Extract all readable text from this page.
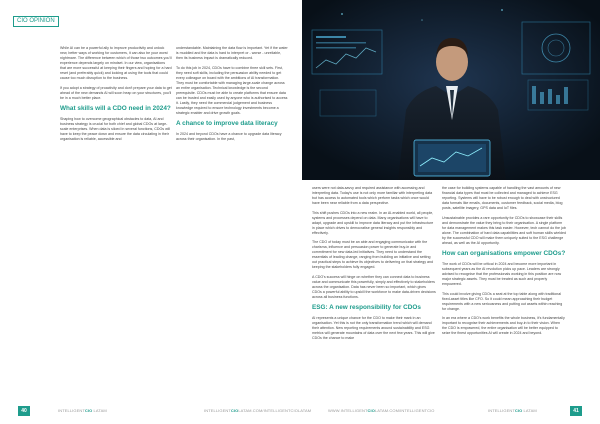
CIO OPINION

While AI can be a powerful ally to improve productivity and unlock new, better ways of working for customers, it can also be your worst nightmare. The difference between which of those two outcomes you'll experience depends largely on mindset. In our view, organisations that are more successful at keeping their fingers and hoping for a hard reset (and preferably quick) and looking at using the tools that could cause too much disruption to the business.

If you adopt a strategy of proactivity and don't prepare your data to get ahead of the new demands AI will soon heap on your structures, you'll be in a much better place.

What skills will a CDO need in 2024?

Shaping how to overcome geographical obstacles to data, AI and business strategy is crucial for both chief and global CDOs at large-scale enterprises. When data is siloed in several functions, CDOs will have to keep the peace down and ensure the data circulating in their organisation is reliable, accessible and

understandable. Maintaining the data flow is important. Yet if the water is muddied and the data is hard to interpret or - worse - unreliable, then its business impact is dramatically reduced.

To do this job in 2024, CDOs have to combine three skill sets. First, they need soft skills, including the persuasion ability needed to get every colleague on board with the ambitions of AI transformation. They must be comfortable with managing large-scale change across an entire organisation. Technical knowledge is the second prerequisite. CDOs must be able to create platforms that ensure data can be trusted and easily used by anyone who is authorised to access it. Lastly, they need the commercial judgement and business knowledge required to ensure technology investments become a strategic enabler and drive growth goals.

A chance to improve data literacy

In 2024 and beyond CDOs have a chance to upgrade data literacy across their organisation. In the past,

users were not data-savvy and required assistance with accessing and interpreting data. Today's use is not only more familiar with interpreting data but has access to automated tools which perform tasks which once would have been near reliable from a data perspective.

This shift pushes CDOs into a new realm. In an AI-enabled world, all people, systems and processes depend on data. Many organisations will have to adapt, upgrade and upskill to improve data literacy and put the infrastructure in place which drives to democratise general insights responsibly and effectively.

The CDO of today must be an able and engaging communicator with the charisma, influence and persuasion power to generate buy-in and commitment for new data-led initiatives. They need to understand the essentials of leading change, ranging from building an initiative and setting out practical steps to achieve its objectives to delivering on that strategy and keeping the stakeholders fully engaged.

A CDO's success will hinge on whether they can connect data to business value and communicate this powerfully, simply and effectively to stakeholders across the organisation. Data has never been so important, which gives CDOs a powerful ability to upskill the workforce to make data-driven decisions across all business functions.

ESG: A new responsibility for CDOs

AI represents a unique chance for the CDO to make their mark in an organisation. Yet this is not the only transformation trend which will demand their attention. New reporting requirements around sustainability and ESG metrics will generate mountains of data over the next few years. This will give CDOs the chance to make

the case for building systems capable of handling the vast amounts of new financial data types that must be collected and managed to achieve ESG reporting. Systems will have to be robust enough to deal with unstructured data formats like emails, documents, customer feedback, social media, blog posts, satellite imagery, GPS data and IoT files.

Unsustainable provides a rare opportunity for CDOs to showcase their skills and demonstrate the value they bring to their organisation. A single platform for data management makes this task easier. However, tech cannot do the job alone. The combination of hard data capabilities and soft human skills wielded by the successful CDO will make them uniquely suited to the ESG challenge ahead, as well as the AI opportunity.

How can organisations empower CDOs?

The work of CDOs will be critical in 2024 and become more important in subsequent years as the AI revolution picks up pace. Leaders are strongly advised to recognise that the professionals working in this position are now major strategic assets. They must be treated as such and properly empowered.

This could involve giving CDOs a seat at the top table along with traditional fixed-asset titles like CFO. So it could mean approaching their budget requirements with a new seriousness and putting out assets within reaching for change.

In an era where a CDO's work benefits the whole business, it's fundamentally important to recognise their achievements and buy-in to their vision. When the CDO is empowered, the entire organisation will be better equipped to seize the finest opportunities AI will create in 2024 and beyond.

40	INTELLIGENTCIO LATAM	INTELLIGENTCIOLATAM.COM/INTELLIGENTCIOLATAM	WWW.INTELLIGENTCIOLATAM.COM/INTELLIGENTCIO	INTELLIGENTCIO LATAM	41
